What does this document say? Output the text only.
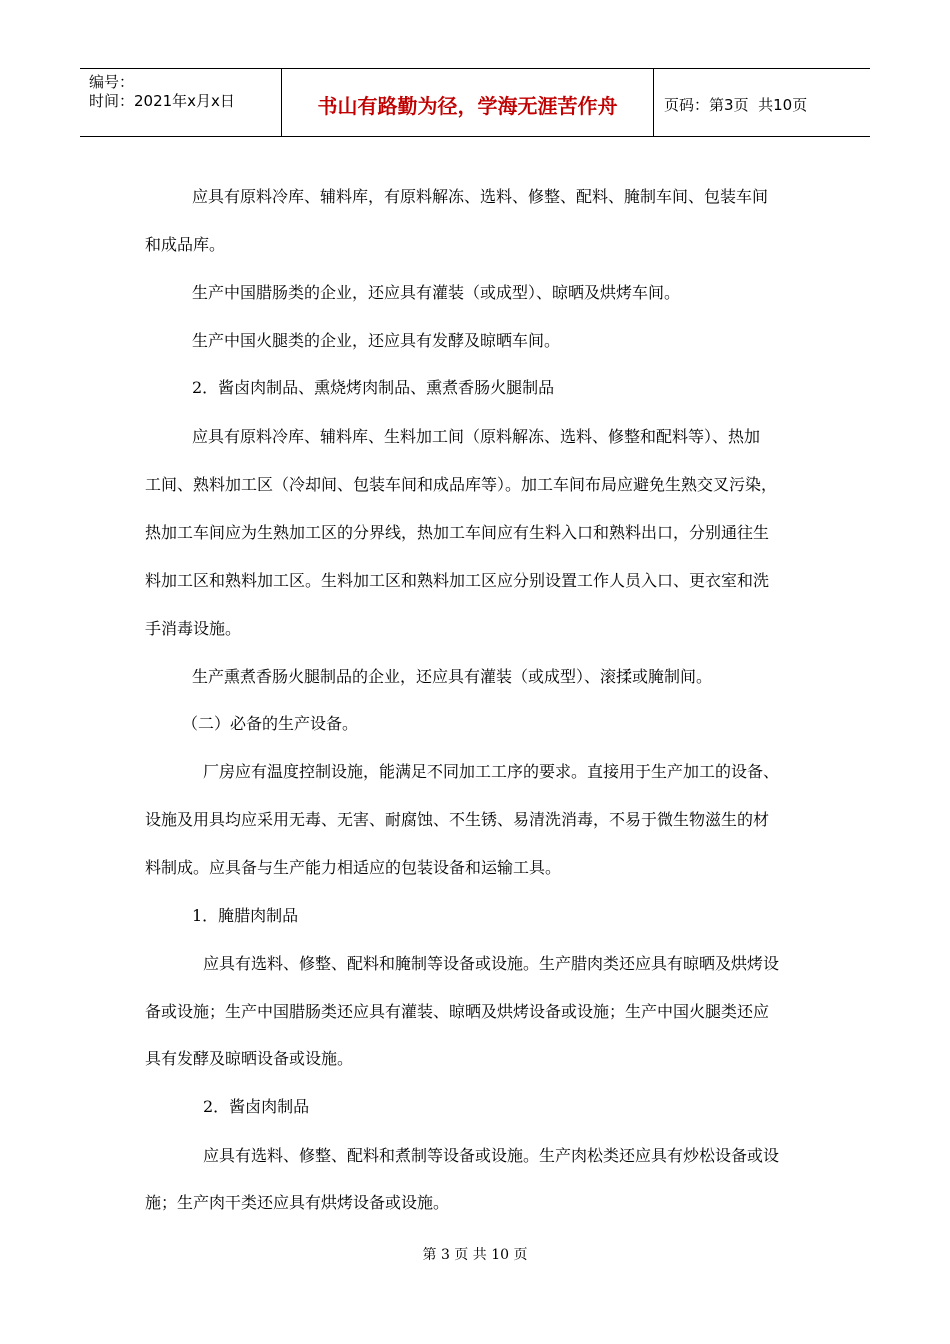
编号：
时间：2021年x月x日	书山有路勤为径，学海无涯苦作舟	页码：第 3 页  共 10 页
应具有原料冷库、辅料库，有原料解冻、选料、修整、配料、腌制车间、包装车间
和成品库。
生产中国腊肠类的企业，还应具有灌装（或成型）、晾晒及烘烤车间。
生产中国火腿类的企业，还应具有发酵及晾晒车间。
2．酱卤肉制品、熏烧烤肉制品、熏煮香肠火腿制品
应具有原料冷库、辅料库、生料加工间（原料解冻、选料、修整和配料等）、热加
工间、熟料加工区（冷却间、包装车间和成品库等）。加工车间布局应避免生熟交叉污染，
热加工车间应为生熟加工区的分界线，热加工车间应有生料入口和熟料出口，分别通往生
料加工区和熟料加工区。生料加工区和熟料加工区应分别设置工作人员入口、更衣室和洗
手消毒设施。
生产熏煮香肠火腿制品的企业，还应具有灌装（或成型）、滚揉或腌制间。
（二）必备的生产设备。
厂房应有温度控制设施，能满足不同加工工序的要求。直接用于生产加工的设备、
设施及用具均应采用无毒、无害、耐腐蚀、不生锈、易清洗消毒，不易于微生物滋生的材
料制成。应具备与生产能力相适应的包装设备和运输工具。
1．腌腊肉制品
应具有选料、修整、配料和腌制等设备或设施。生产腊肉类还应具有晾晒及烘烤设
备或设施；生产中国腊肠类还应具有灌装、晾晒及烘烤设备或设施；生产中国火腿类还应
具有发酵及晾晒设备或设施。
2．酱卤肉制品
应具有选料、修整、配料和煮制等设备或设施。生产肉松类还应具有炒松设备或设
施；生产肉干类还应具有烘烤设备或设施。
第 3 页 共 10 页
